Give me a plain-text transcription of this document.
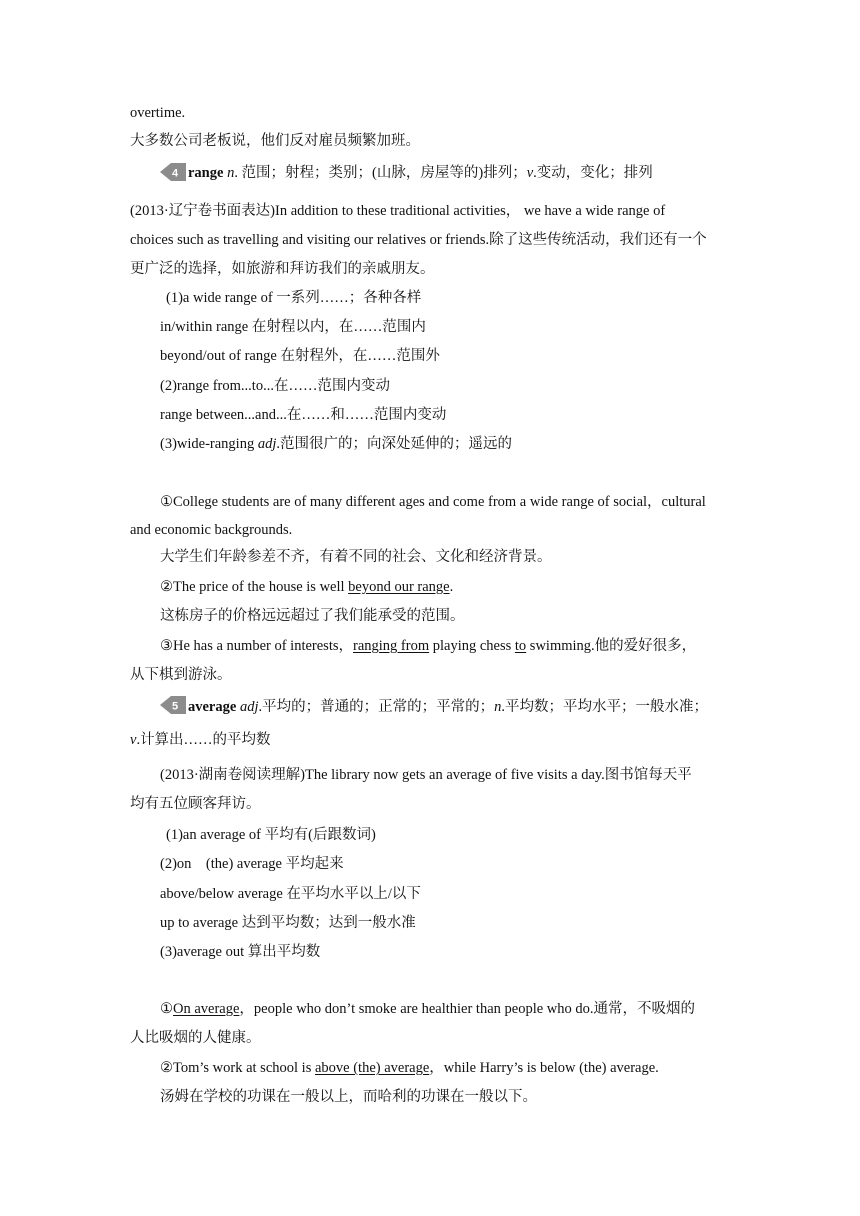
overtime.
大多数公司老板说，他们反对雇员频繁加班。
4 range n. 范围；射程；类别；(山脉，房屋等的)排列；v.变动，变化；排列
(2013·辽宁卷书面表达)In addition to these traditional activities， we have a wide range of
choices such as travelling and visiting our relatives or friends.除了这些传统活动，我们还有一个
更广泛的选择，如旅游和拜访我们的亲戚朋友。
(1)a wide range of 一系列……；各种各样
in/within range 在射程以内，在……范围内
beyond/out of range 在射程外，在……范围外
(2)range from...to...在……范围内变动
range between...and...在……和……范围内变动
(3)wide-ranging adj.范围很广的；向深处延伸的；遥远的
①College students are of many different ages and come from a wide range of social，cultural
and economic backgrounds.
大学生们年龄参差不齐，有着不同的社会、文化和经济背景。
②The price of the house is well beyond our range.
这栋房子的价格远远超过了我们能承受的范围。
③He has a number of interests，ranging from playing chess to swimming.他的爱好很多，
从下棋到游泳。
5 average adj.平均的；普通的；正常的；平常的；n.平均数；平均水平；一般水准；
v.计算出……的平均数
(2013·湖南卷阅读理解)The library now gets an average of five visits a day.图书馆每天平
均有五位顾客拜访。
(1)an average of 平均有(后跟数词)
(2)on　(the) average 平均起来
above/below average 在平均水平以上/以下
up to average 达到平均数；达到一般水准
(3)average out 算出平均数
①On average，people who don’t smoke are healthier than people who do.通常，不吸烟的
人比吸烟的人健康。
②Tom’s work at school is above (the) average，while Harry’s is below (the) average.
汤姆在学校的功课在一般以上，而哈利的功课在一般以下。
